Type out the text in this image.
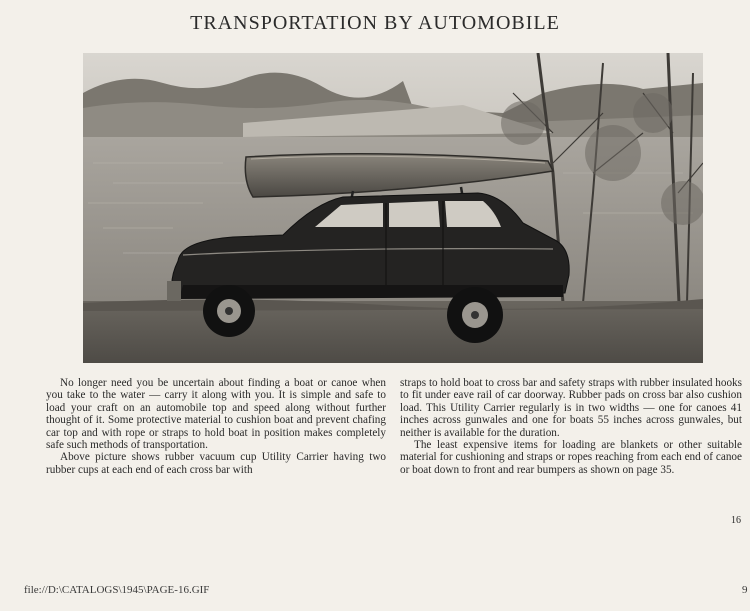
TRANSPORTATION BY AUTOMOBILE

No longer need you be uncertain about finding a boat or canoe when you take to the water — carry it along with you. It is simple and safe to load your craft on an automobile top and speed along without further thought of it. Some protective material to cushion boat and prevent chafing car top and with rope or straps to hold boat in position makes completely safe such methods of transportation.

Above picture shows rubber vacuum cup Utility Carrier having two rubber cups at each end of each cross bar with

straps to hold boat to cross bar and safety straps with rubber insulated hooks to fit under eave rail of car doorway. Rubber pads on cross bar also cushion load. This Utility Carrier regularly is in two widths — one for canoes 41 inches across gunwales and one for boats 55 inches across gunwales, but neither is available for the duration.

The least expensive items for loading are blankets or other suitable material for cushioning and straps or ropes reaching from each end of canoe or boat down to front and rear bumpers as shown on page 35.

16
file://D:\CATALOGS\1945\PAGE-16.GIF	9
